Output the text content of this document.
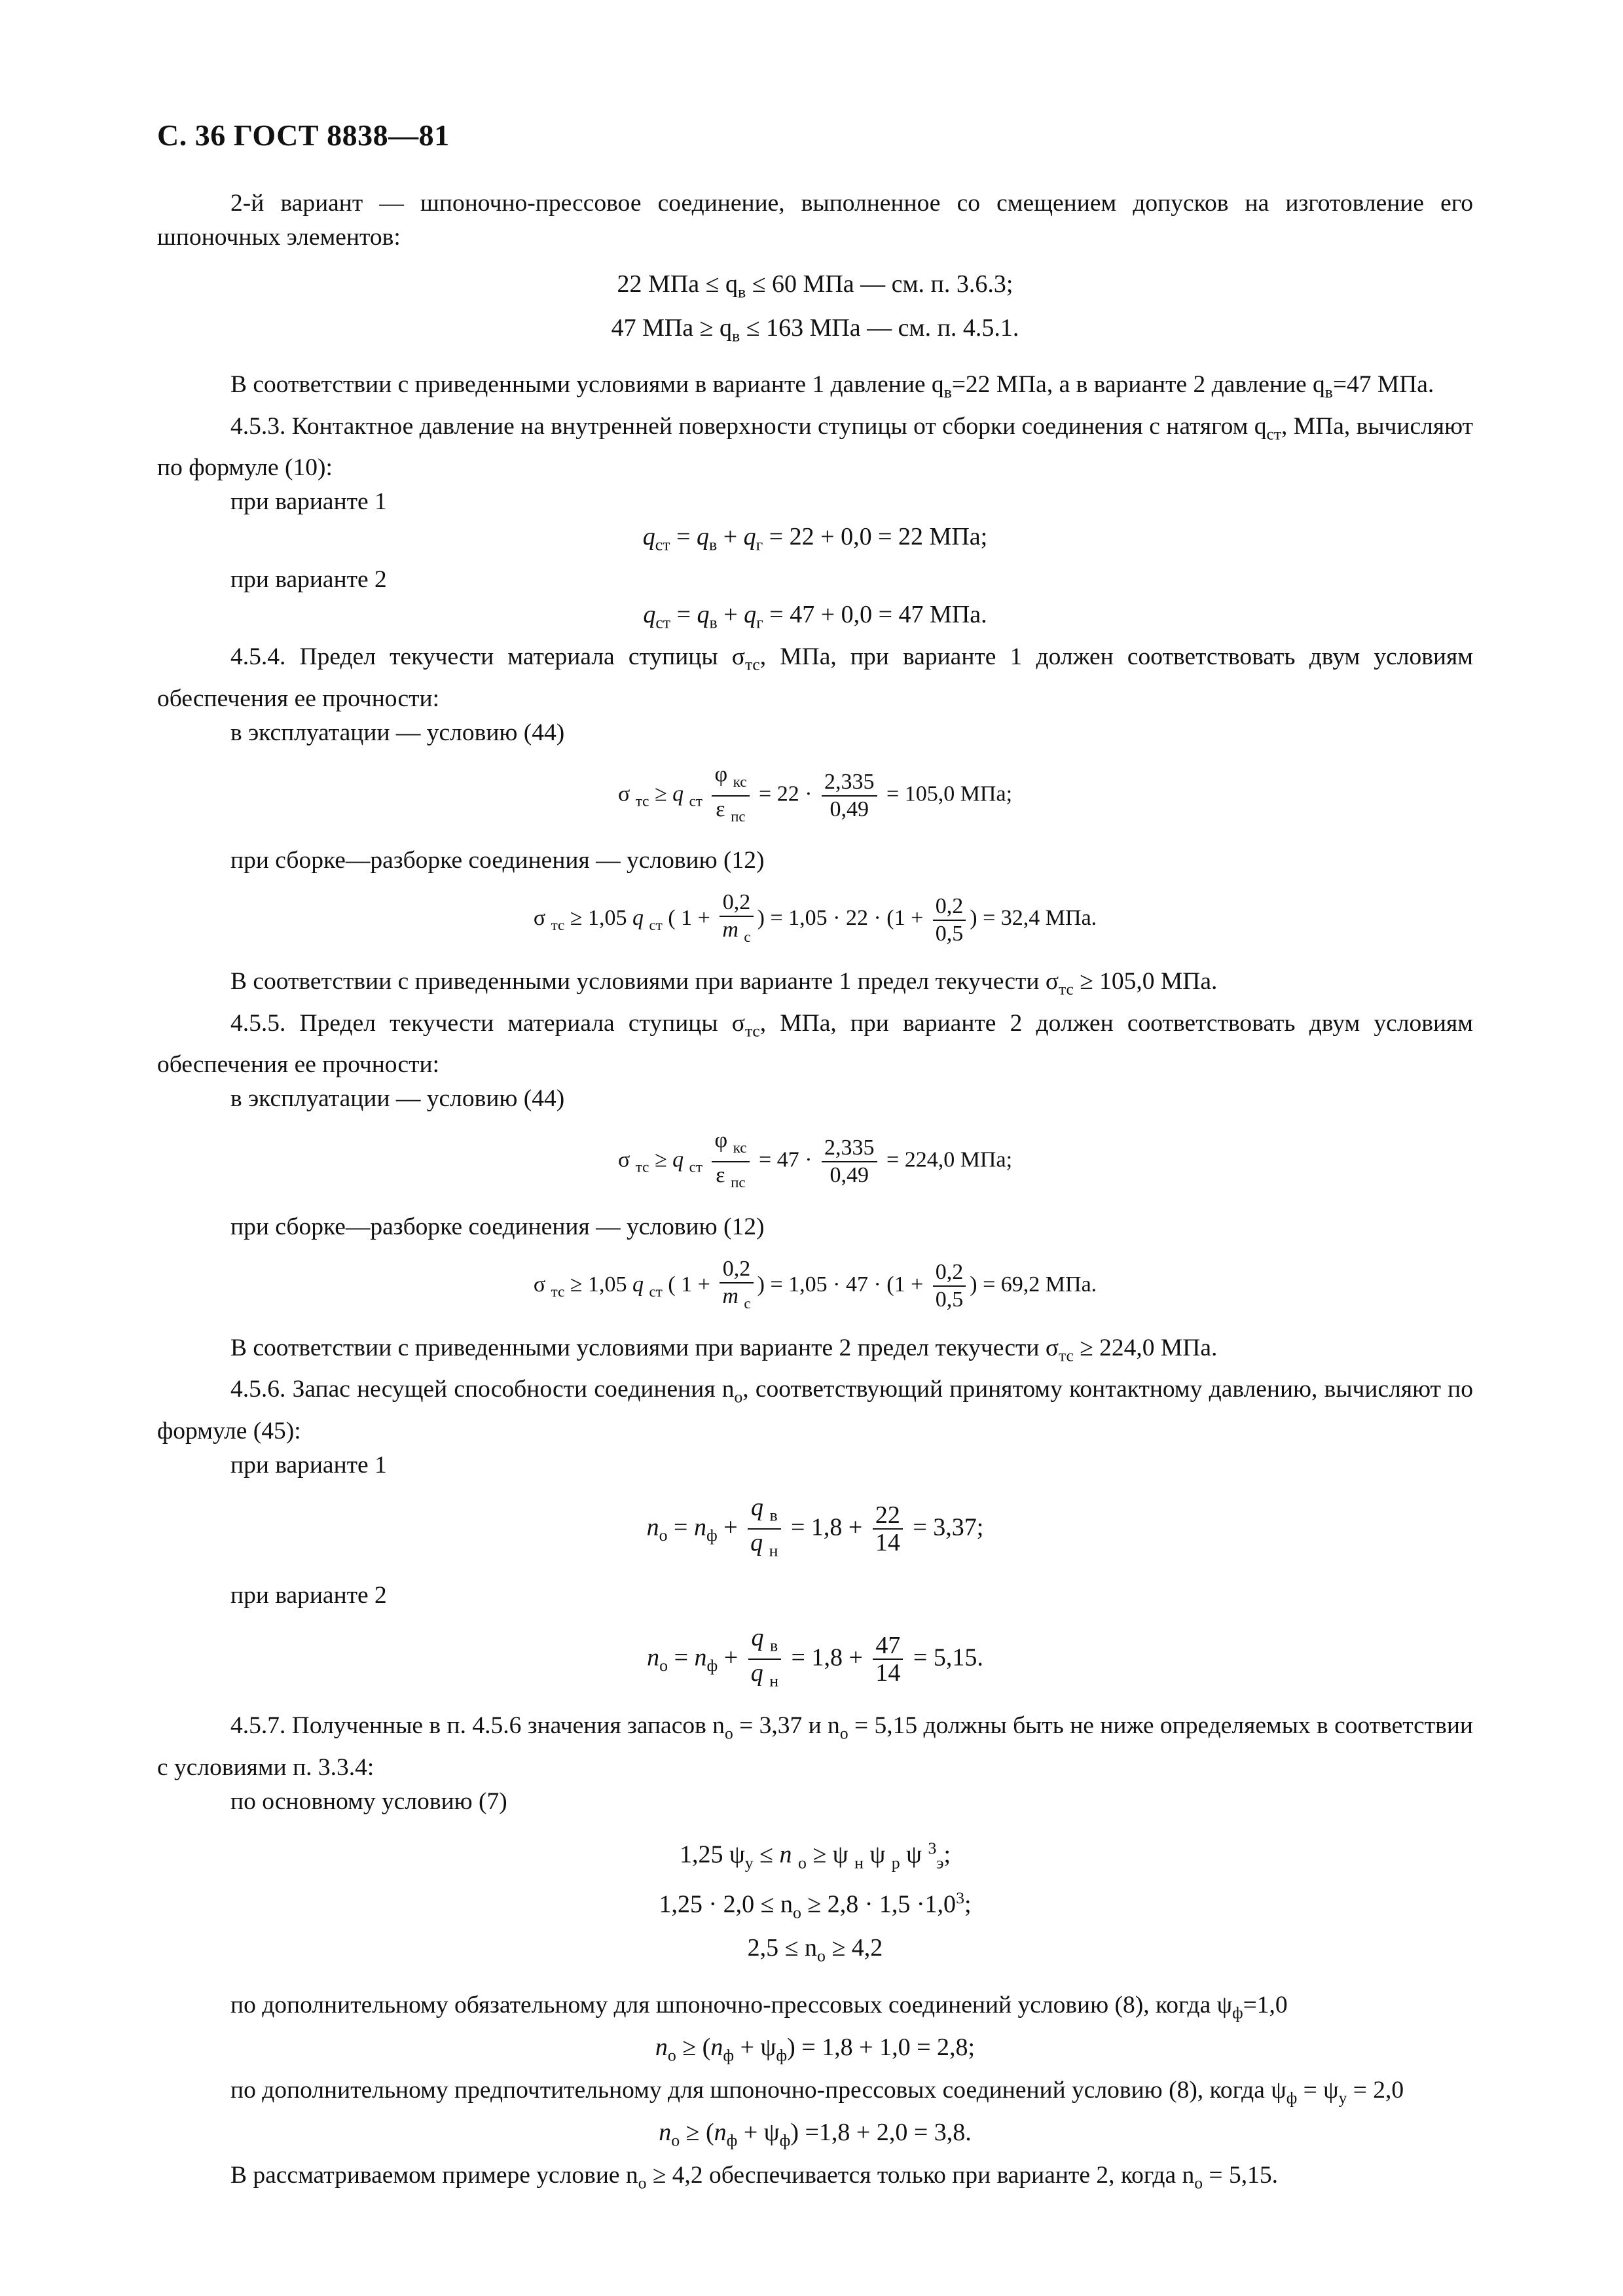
С. 36 ГОСТ 8838—81

2-й вариант — шпоночно-прессовое соединение, выполненное со смещением допусков на изготовление его шпоночных элементов:

22 МПа ≤ $q_в \le 60$ МПа — см. п. 3.6.3;

47 МПа ≥ $q_в \le 163$ МПа — см. п. 4.5.1.

В соответствии с приведенными условиями в варианте 1 давление $q_в=22$ МПа, а в варианте 2 давление $q_в=47$ МПа.

4.5.3. Контактное давление на внутренней поверхности ступицы от сборки соединения с натягом $q_{ст}$, МПа, вычисляют по формуле (10):

при варианте 1

$q_{ст} = q_в + q_г = 22 + 0,0 = 22$ МПа;

при варианте 2

$q_{ст} = q_в + q_г = 47 + 0,0 = 47$ МПа.

4.5.4. Предел текучести материала ступицы $\sigma_{тс}$, МПа, при варианте 1 должен соответствовать двум условиям обеспечения ее прочности:

в эксплуатации — условию (44)

σ $_{тс}$ ≥ q $_{ст} \frac{\varphi _{кс}}{\varepsilon _{пс}} = 22 \cdot \frac{2,335}{0,49} = 105,0$ МПа;

при сборке—разборке соединения — условию (12)

σ $_{тс}$ ≥ 1,05 q $_{ст}$ ( $1 + \frac{0,2}{m _с}$ ) = $1,05 \cdot 22 \cdot (1 + \frac{0,2}{0,5}$ ) = 32,4 МПа.

В соответствии с приведенными условиями при варианте 1 предел текучести $\sigma_{тс} \ge 105,0$ МПа.

4.5.5. Предел текучести материала ступицы $\sigma_{тс}$, МПа, при варианте 2 должен соответствовать двум условиям обеспечения ее прочности:

в эксплуатации — условию (44)

σ $_{тс}$ ≥ q $_{ст} \frac{\varphi _{кс}}{\varepsilon _{пс}} = 47 \cdot \frac{2,335}{0,49} = 224,0$ МПа;

при сборке—разборке соединения — условию (12)

σ $_{тс}$ ≥ 1,05 q $_{ст}$ ( $1 + \frac{0,2}{m _с}$ ) = $1,05 \cdot 47 \cdot (1 + \frac{0,2}{0,5}$ ) = 69,2 МПа.

В соответствии с приведенными условиями при варианте 2 предел текучести $\sigma_{тс} \ge 224,0$ МПа.

4.5.6. Запас несущей способности соединения $n_о$, соответствующий принятому контактному давлению, вычисляют по формуле (45):

при варианте 1

$n_о = n_ф + \frac{q _в}{q _н} = 1,8 + \frac{22}{14} = 3,37$;

при варианте 2

$n_о = n_ф + \frac{q _в}{q _н} = 1,8 + \frac{47}{14} = 5,15$.

4.5.7. Полученные в п. 4.5.6 значения запасов $n_о = 3,37$ и $n_о = 5,15$ должны быть не ниже определяемых в соответствии с условиями п. 3.3.4:

по основному условию (7)

1,25 $\psi_у \le n$ $_о$ ≥ ψ $_н$ ψ $_р$ ψ $^3_э$;

$1,25 \cdot 2,0 \le n_о \ge 2,8 \cdot 1,5 \cdot 1,0^3$;

$2,5 \le n_о \ge 4,2$

по дополнительному обязательному для шпоночно-прессовых соединений условию (8), когда $\psi_ф=1,0$

$n_о \ge (n_ф + \psi_ф) = 1,8 + 1,0 = 2,8$;

по дополнительному предпочтительному для шпоночно-прессовых соединений условию (8), когда $\psi_ф = \psi_у = 2,0$

$n_о \ge (n_ф + \psi_ф) =1,8 + 2,0 = 3,8$.

В рассматриваемом примере условие $n_о \ge 4,2$ обеспечивается только при варианте 2, когда $n_о = 5,15$.
